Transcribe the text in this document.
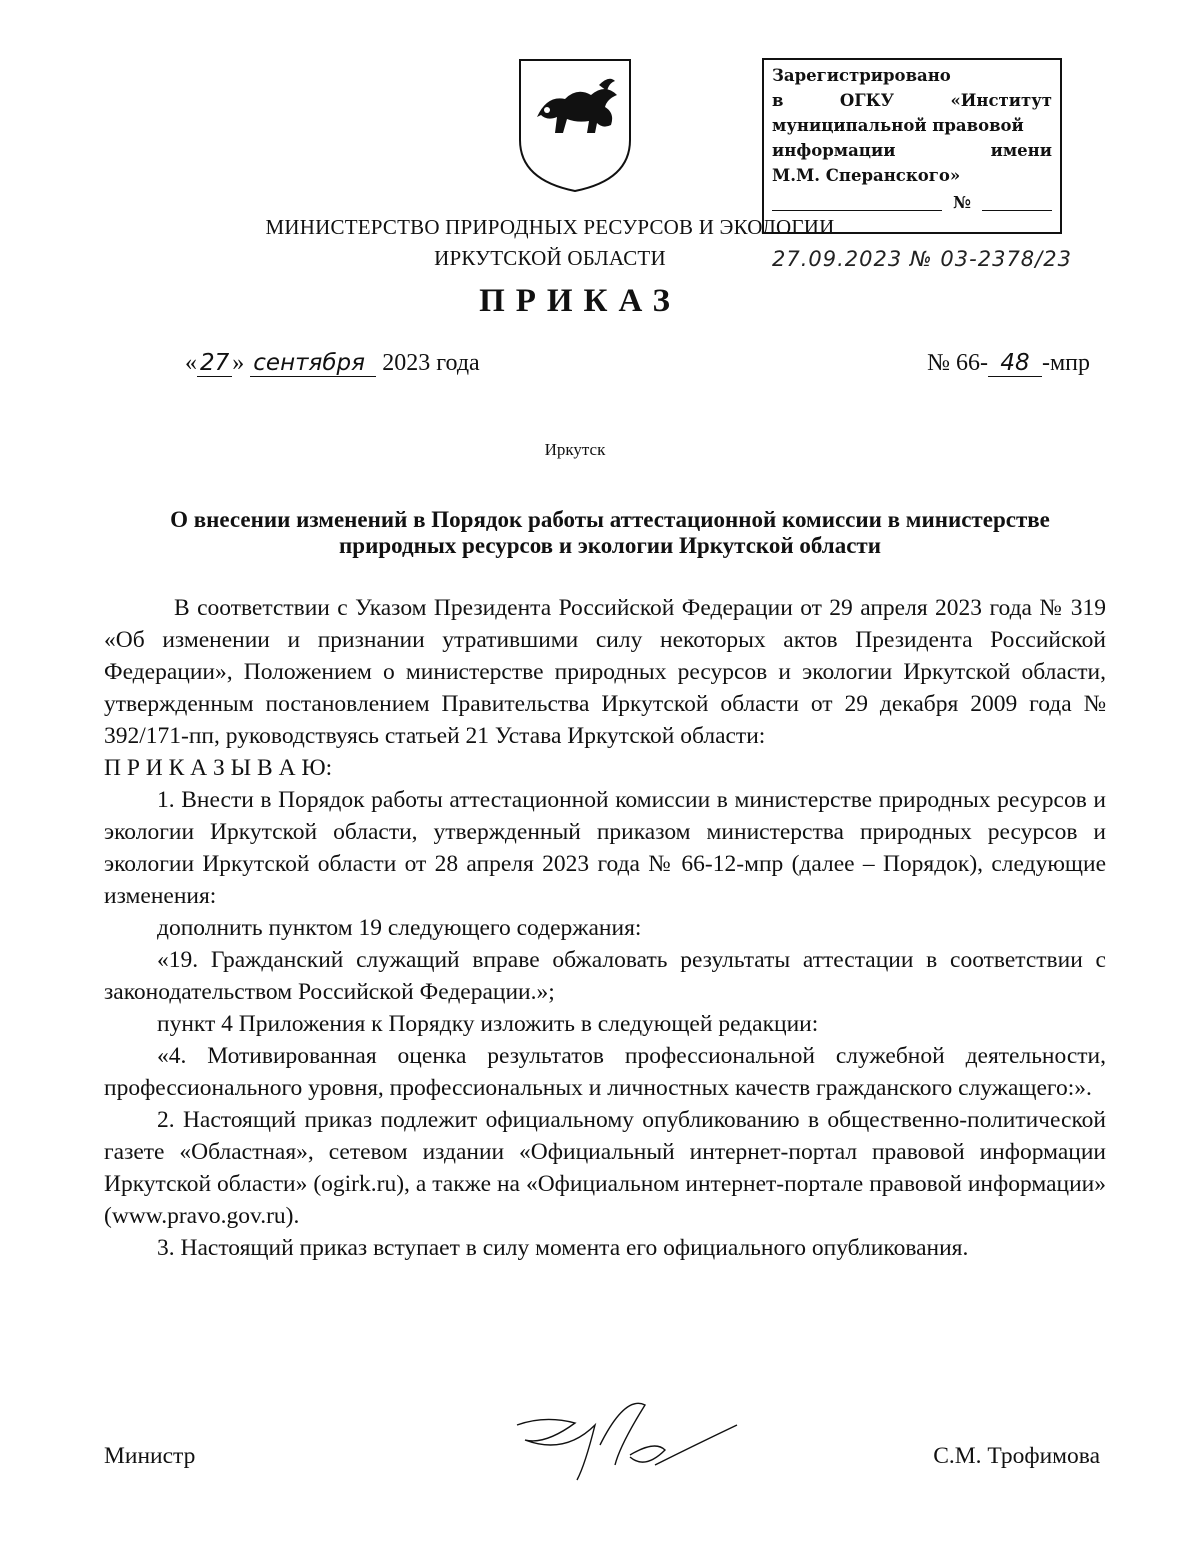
Зарегистрировано
в	ОГКУ	«Институт
муниципальной правовой
информации	имени
М.М. Сперанского»
№
27.09.2023 № 03-2378/23
МИНИСТЕРСТВО ПРИРОДНЫХ РЕСУРСОВ И ЭКОЛОГИИ
ИРКУТСКОЙ ОБЛАСТИ
ПРИКАЗ
« 27 » сентября 2023 года	№ 66- 48 -мпр
Иркутск
О внесении изменений в Порядок работы аттестационной комиссии в министерстве природных ресурсов и экологии Иркутской области

В соответствии с Указом Президента Российской Федерации от 29 апреля 2023 года № 319 «Об изменении и признании утратившими силу некоторых актов Президента Российской Федерации», Положением о министерстве природных ресурсов и экологии Иркутской области, утвержденным постановлением Правительства Иркутской области от 29 декабря 2009 года № 392/171-пп, руководствуясь статьей 21 Устава Иркутской области:

П Р И К А З Ы В А Ю:

1. Внести в Порядок работы аттестационной комиссии в министерстве природных ресурсов и экологии Иркутской области, утвержденный приказом министерства природных ресурсов и экологии Иркутской области от 28 апреля 2023 года № 66-12-мпр (далее – Порядок), следующие изменения:

дополнить пунктом 19 следующего содержания:

«19. Гражданский служащий вправе обжаловать результаты аттестации в соответствии с законодательством Российской Федерации.»;

пункт 4 Приложения к Порядку изложить в следующей редакции:

«4. Мотивированная оценка результатов профессиональной служебной деятельности, профессионального уровня, профессиональных и личностных качеств гражданского служащего:».

2. Настоящий приказ подлежит официальному опубликованию в общественно-политической газете «Областная», сетевом издании «Официальный интернет-портал правовой информации Иркутской области» (ogirk.ru), а также на «Официальном интернет-портале правовой информации» (www.pravo.gov.ru).

3. Настоящий приказ вступает в силу момента его официального опубликования.

Министр	С.М. Трофимова
